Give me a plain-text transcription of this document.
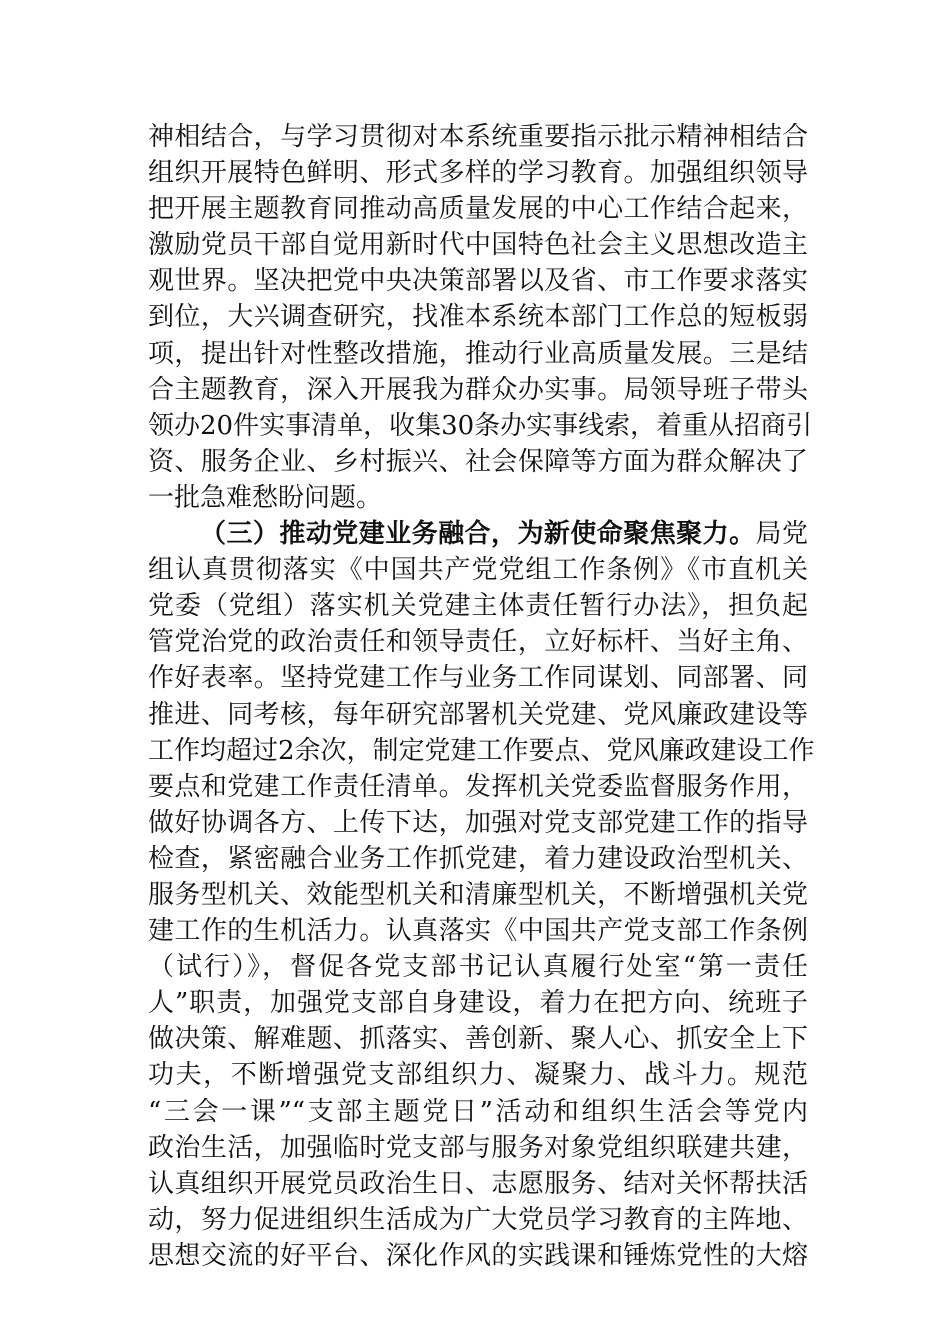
神相结合，与学习贯彻对本系统重要指示批示精神相结合
组织开展特色鲜明、形式多样的学习教育。加强组织领导
把开展主题教育同推动高质量发展的中心工作结合起来，
激励党员干部自觉用新时代中国特色社会主义思想改造主
观世界。坚决把党中央决策部署以及省、市工作要求落实
到位，大兴调查研究，找准本系统本部门工作总的短板弱
项，提出针对性整改措施，推动行业高质量发展。三是结
合主题教育，深入开展我为群众办实事。局领导班子带头
领办20件实事清单，收集30条办实事线索，着重从招商引
资、服务企业、乡村振兴、社会保障等方面为群众解决了
一批急难愁盼问题。
（三）推动党建业务融合，为新使命聚焦聚力。局党
组认真贯彻落实《中国共产党党组工作条例》《市直机关
党委（党组）落实机关党建主体责任暂行办法》，担负起
管党治党的政治责任和领导责任，立好标杆、当好主角、
作好表率。坚持党建工作与业务工作同谋划、同部署、同
推进、同考核，每年研究部署机关党建、党风廉政建设等
工作均超过2余次，制定党建工作要点、党风廉政建设工作
要点和党建工作责任清单。发挥机关党委监督服务作用，
做好协调各方、上传下达，加强对党支部党建工作的指导
检查，紧密融合业务工作抓党建，着力建设政治型机关、
服务型机关、效能型机关和清廉型机关，不断增强机关党
建工作的生机活力。认真落实《中国共产党支部工作条例
（试行）》，督促各党支部书记认真履行处室“第一责任
人”职责，加强党支部自身建设，着力在把方向、统班子
做决策、解难题、抓落实、善创新、聚人心、抓安全上下
功夫，不断增强党支部组织力、凝聚力、战斗力。规范
“三会一课”“支部主题党日”活动和组织生活会等党内
政治生活，加强临时党支部与服务对象党组织联建共建，
认真组织开展党员政治生日、志愿服务、结对关怀帮扶活
动，努力促进组织生活成为广大党员学习教育的主阵地、
思想交流的好平台、深化作风的实践课和锤炼党性的大熔
